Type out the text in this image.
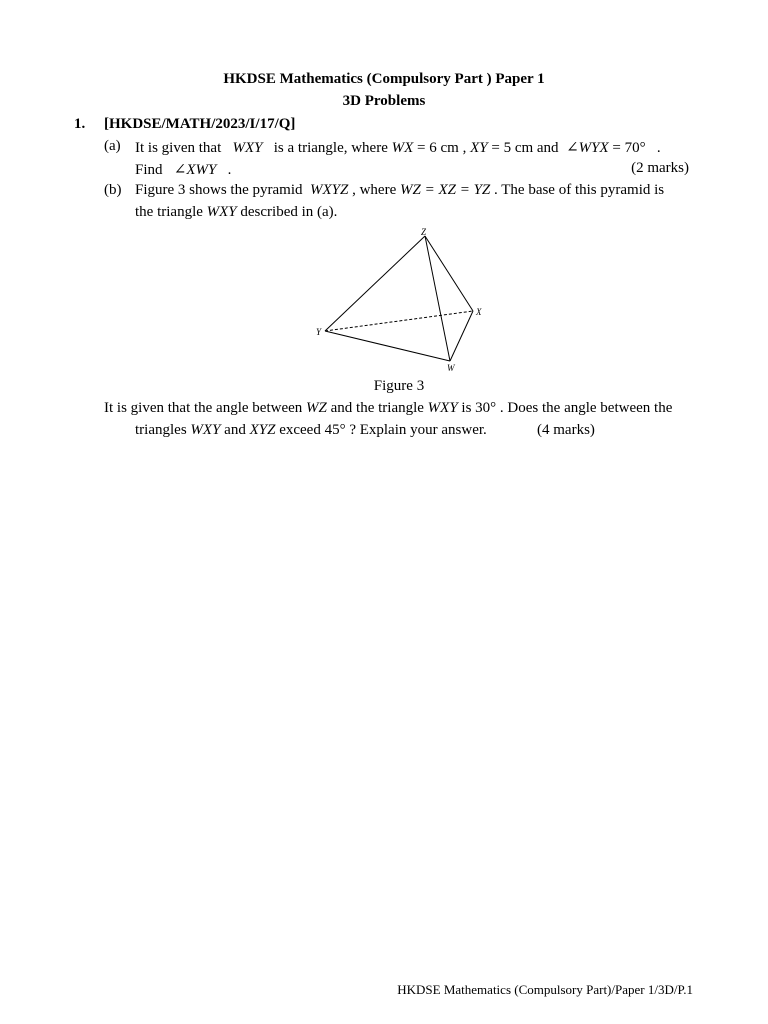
HKDSE Mathematics (Compulsory Part ) Paper 1
3D Problems
1. [HKDSE/MATH/2023/I/17/Q]
(a) It is given that WXY is a triangle, where WX = 6 cm , XY = 5 cm and ∠WYX = 70° .
Find ∠XWY .	(2 marks)
(b) Figure 3 shows the pyramid WXYZ , where WZ = XZ = YZ . The base of this pyramid is
the triangle WXY described in (a).
Z
X
Y
W
Figure 3
It is given that the angle between WZ and the triangle WXY is 30° . Does the angle between the
triangles WXY and XYZ exceed 45° ? Explain your answer.	(4 marks)
HKDSE Mathematics (Compulsory Part)/Paper 1/3D/P.1
